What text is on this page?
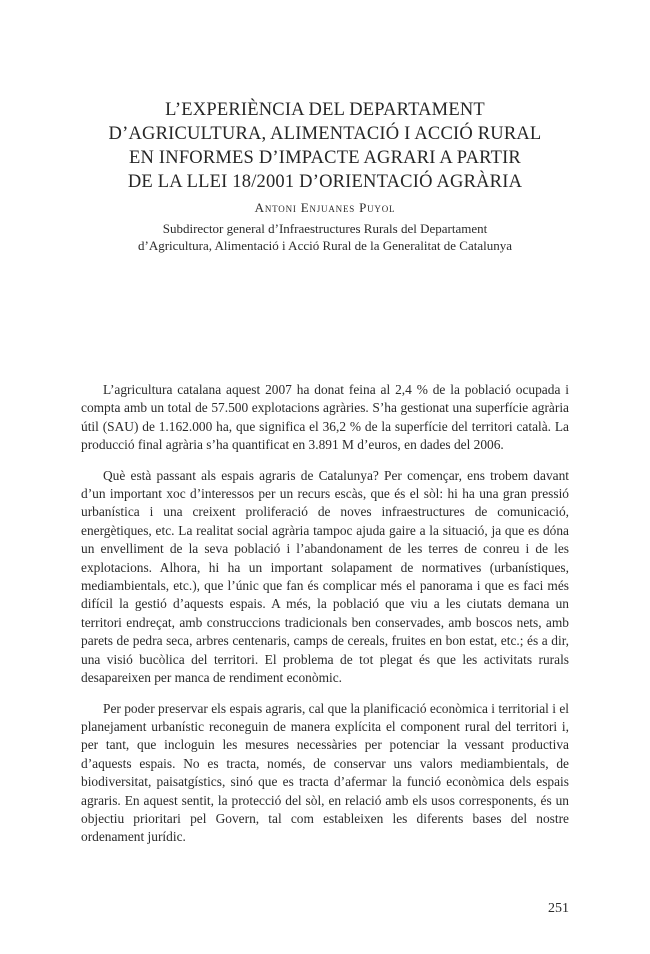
L’EXPERIÈNCIA DEL DEPARTAMENT
D’AGRICULTURA, ALIMENTACIÓ I ACCIÓ RURAL
EN INFORMES D’IMPACTE AGRARI A PARTIR
DE LA LLEI 18/2001 D’ORIENTACIÓ AGRÀRIA
Antoni Enjuanes Puyol
Subdirector general d’Infraestructures Rurals del Departament
d’Agricultura, Alimentació i Acció Rural de la Generalitat de Catalunya

L’agricultura catalana aquest 2007 ha donat feina al 2,4 % de la població ocupada i compta amb un total de 57.500 explotacions agràries. S’ha gestionat una superfície agrària útil (SAU) de 1.162.000 ha, que significa el 36,2 % de la superfície del territori català. La producció final agrària s’ha quantificat en 3.891 M d’euros, en dades del 2006.

Què està passant als espais agraris de Catalunya? Per començar, ens trobem davant d’un important xoc d’interessos per un recurs escàs, que és el sòl: hi ha una gran pressió urbanística i una creixent proliferació de noves infraestructures de comunicació, energètiques, etc. La realitat social agrària tampoc ajuda gaire a la situació, ja que es dóna un envelliment de la seva població i l’abandonament de les terres de conreu i de les explotacions. Alhora, hi ha un important solapament de normatives (urbanístiques, mediambientals, etc.), que l’únic que fan és complicar més el panorama i que es faci més difícil la gestió d’aquests espais. A més, la població que viu a les ciutats demana un territori endreçat, amb construccions tradicionals ben conservades, amb boscos nets, amb parets de pedra seca, arbres centenaris, camps de cereals, fruites en bon estat, etc.; és a dir, una visió bucòlica del territori. El problema de tot plegat és que les activitats rurals desapareixen per manca de rendiment econòmic.

Per poder preservar els espais agraris, cal que la planificació econòmica i territorial i el planejament urbanístic reconeguin de manera explícita el component rural del territori i, per tant, que incloguin les mesures necessàries per potenciar la vessant productiva d’aquests espais. No es tracta, només, de conservar uns valors mediambientals, de biodiversitat, paisatgístics, sinó que es tracta d’afermar la funció econòmica dels espais agraris. En aquest sentit, la protecció del sòl, en relació amb els usos corresponents, és un objectiu prioritari pel Govern, tal com estableixen les diferents bases del nostre ordenament jurídic.

251
